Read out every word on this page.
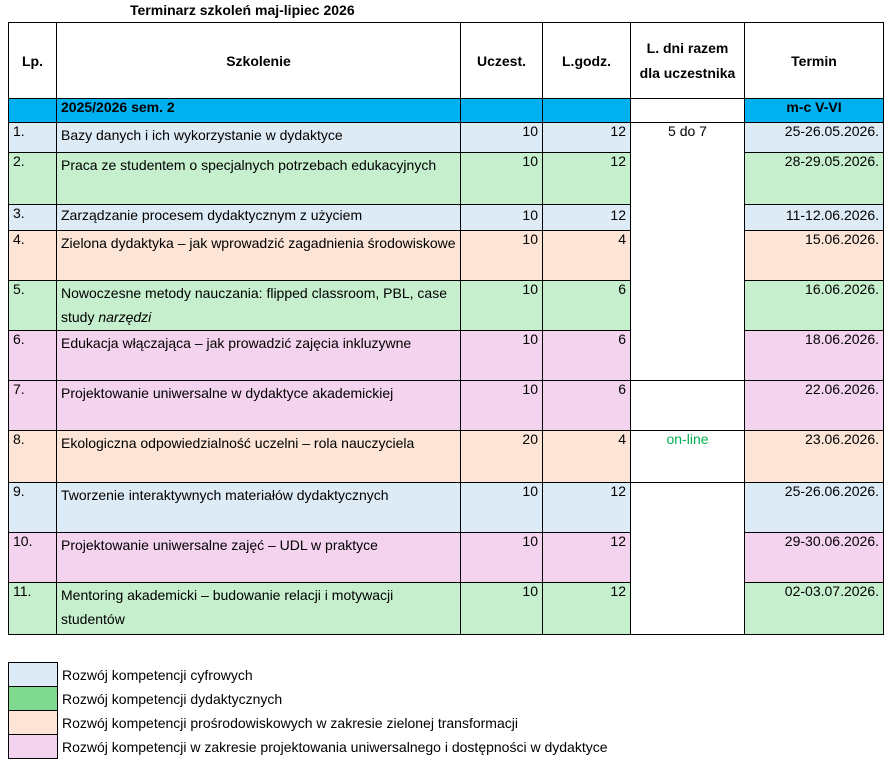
Terminarz szkoleń maj-lipiec 2026
Lp.	Szkolenie	Uczest.	L.godz.	L. dni razem dla uczestnika	Termin
	2025/2026 sem. 2				m-c V-VI
1.	Bazy danych i ich wykorzystanie w dydaktyce	10	12	5 do 7	25-26.05.2026.
2.	Praca ze studentem o specjalnych potrzebach edukacyjnych	10	12		28-29.05.2026.
3.	Zarządzanie procesem dydaktycznym z użyciem	10	12		11-12.06.2026.
4.	Zielona dydaktyka – jak wprowadzić zagadnienia środowiskowe	10	4		15.06.2026.
5.	Nowoczesne metody nauczania: flipped classroom, PBL, case study narzędzi	10	6		16.06.2026.
6.	Edukacja włączająca – jak prowadzić zajęcia inkluzywne	10	6		18.06.2026.
7.	Projektowanie uniwersalne w dydaktyce akademickiej	10	6		22.06.2026.
8.	Ekologiczna odpowiedzialność uczelni – rola nauczyciela	20	4	on-line	23.06.2026.
9.	Tworzenie interaktywnych materiałów dydaktycznych	10	12		25-26.06.2026.
10.	Projektowanie uniwersalne zajęć – UDL w praktyce	10	12		29-30.06.2026.
11.	Mentoring akademicki – budowanie relacji i motywacji studentów	10	12		02-03.07.2026.
	Rozwój kompetencji cyfrowych
	Rozwój kompetencji dydaktycznych
	Rozwój kompetencji prośrodowiskowych w zakresie zielonej transformacji
	Rozwój kompetencji w zakresie projektowania uniwersalnego i dostępności w dydaktyce
